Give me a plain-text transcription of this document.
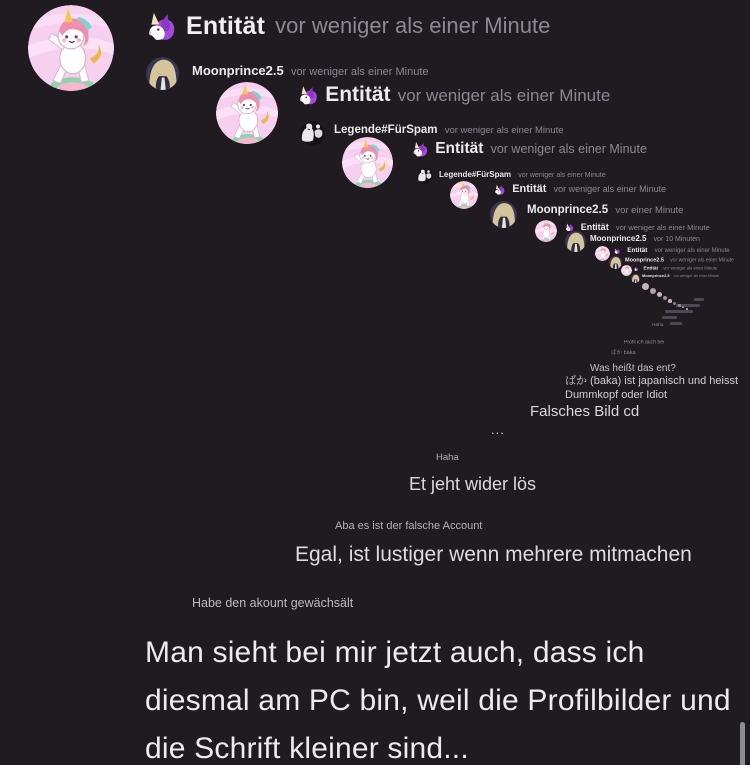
Entität vor weniger als einer Minute
Moonprince2.5 vor weniger als einer Minute
Entität vor weniger als einer Minute
Legende#FürSpam vor weniger als einer Minute
Entität vor weniger als einer Minute
Legende#FürSpam vor weniger als einer Minute
Entität vor weniger als einer Minute
Moonprince2.5 vor einer Minute
Entität vor weniger als einer Minute
Moonprince2.5 vor 10 Minuten
Entität vor weniger als einer Minute
Moonprince2.5 vor weniger als einer Minute
Entität vor weniger als einer Minute
Moonprince2.5 vor weniger als einer Minute
Haha
Profil ich auch bei
ばか baka
Was heißt das ent?
ばか (baka) ist japanisch und heisst
Dummkopf oder Idiot
Falsches Bild cd
...
Haha
Et jeht wider lös
Aba es ist der falsche Account
Egal, ist lustiger wenn mehrere mitmachen
Habe den akount gewächsält
Man sieht bei mir jetzt auch, dass ich
diesmal am PC bin, weil die Profilbilder und
die Schrift kleiner sind...
